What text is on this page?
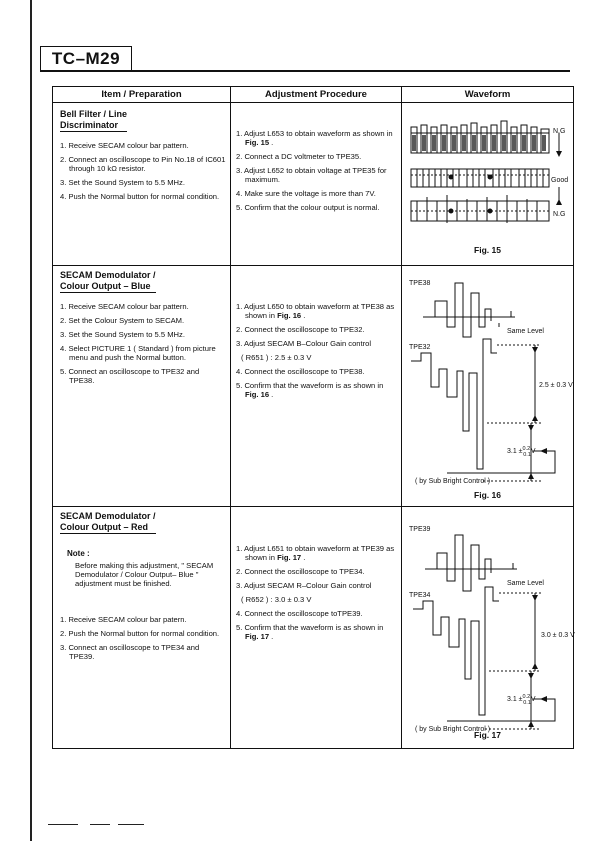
TC–M29
Item / Preparation	Adjustment Procedure	Waveform
Bell Filter / Line
Discriminator
1. Receive SECAM colour bar pattern.
2. Connect an oscilloscope to Pin No.18 of IC601 through 10 kΩ resistor.
3. Set the Sound System to 5.5 MHz.
4. Push the Normal button for normal condition.
1. Adjust L653 to obtain waveform as shown in Fig. 15 .
2. Connect a DC voltmeter to TPE35.
3. Adjust L652 to obtain voltage at TPE35 for maximum.
4. Make sure the voltage is more than 7V.
5. Confirm that the colour output is normal.
N.G
Good
N.G
Fig. 15
SECAM Demodulator /
Colour Output – Blue
1. Receive SECAM colour bar pattern.
2. Set the Colour System to SECAM.
3. Set the Sound System to 5.5 MHz.
4. Select PICTURE 1 ( Standard ) from picture menu and push the Normal button.
5. Connect an oscilloscope to TPE32 and TPE38.
1. Adjust L650 to obtain waveform at TPE38 as shown in Fig. 16 .
2. Connect the oscilloscope to TPE32.
3. Adjust SECAM B–Colour Gain control
( R651 ) : 2.5 ± 0.3 V
4. Connect the oscilloscope to TPE38.
5. Confirm that the waveform is as shown in Fig. 16 .
TPE38
Same Level
TPE32
2.5 ± 0.3 V
3.1 ±$^{0.2}$ 0.1V
( by Sub Bright Control )
Fig. 16
SECAM Demodulator /
Colour Output – Red
Note :
Before making this adjustment, " SECAM Demodulator / Colour Output– Blue " adjustment must be finished.
1. Receive SECAM colour bar patern.
2. Push the Normal button for normal condition.
3. Connect an oscilloscope to TPE34 and TPE39.
1. Adjust L651 to obtain waveform at TPE39 as shown in Fig. 17 .
2. Connect the oscilloscope to TPE34.
3. Adjust SECAM R–Colour Gain control
( R652 ) : 3.0 ± 0.3 V
4. Connect the oscilloscope toTPE39.
5. Confirm that the waveform is as shown in Fig. 17 .
TPE39
Same Level
TPE34
3.0 ± 0.3 V
3.1 ±$^{0.2}$ 0.1V
( by Sub Bright Control )
Fig. 17
